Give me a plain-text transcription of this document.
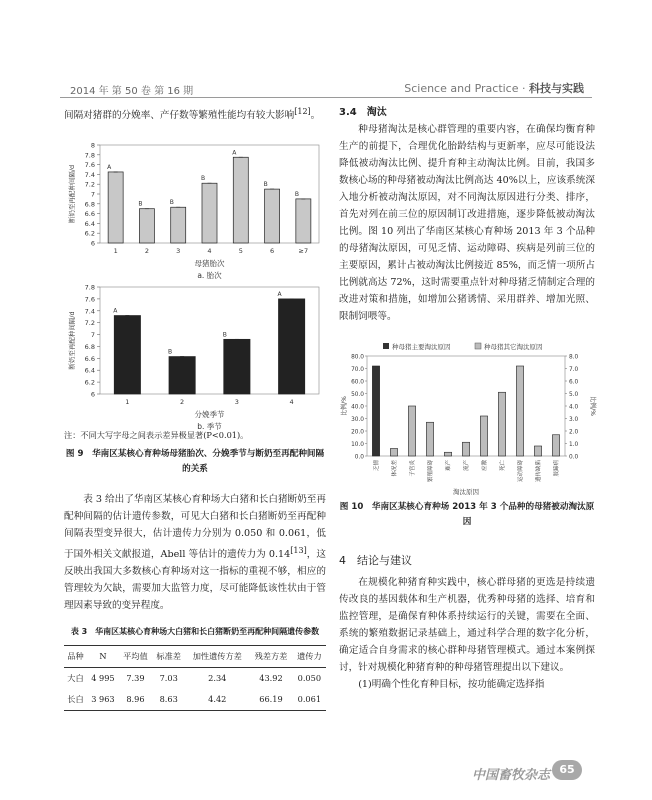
2014 年 第 50 卷 第 16 期	Science and Practice · 科技与实践

间隔对猪群的分娩率、产仔数等繁殖性能均有较大影响[12]。

6
6.2
6.4
6.6
6.8
7
7.2
7.4
7.6
7.8
8
A
1
B
2
B
3
B
4
A
5
B
6
B
≥7
母猪胎次
a. 胎次
断奶至再配种间隔/d
6
6.2
6.4
6.6
6.8
7
7.2
7.4
7.6
7.8
A
1
B
2
B
3
A
4
分娩季节
b. 季节
断奶至再配种间隔/d
注：不同大写字母之间表示差异极显著(P<0.01)。
图 9　 华南区某核心育种场母猪胎次、分娩季节与断奶至再配种间隔的关系

表 3 给出了华南区某核心育种场大白猪和长白猪断奶至再配种间隔的估计遗传参数，可见大白猪和长白猪断奶至再配种间隔表型变异很大，估计遗传力分别为 0.050 和 0.061，低于国外相关文献报道，Abell 等估计的遗传力为 0.14[13]，这反映出我国大多数核心育种场对这一指标的重视不够，相应的管理较为欠缺，需要加大监管力度，尽可能降低该性状由于管理因素导致的变异程度。

表 3　华南区某核心育种场大白猪和长白猪断奶至再配种间隔遗传参数
品种	N	平均值	标准差	加性遗传方差	残差方差	遗传力
大白	4 995	7.39	7.03	2.34	43.92	0.050
长白	3 963	8.96	8.63	4.42	66.19	0.061
3.4　淘汰

种母猪淘汰是核心群管理的重要内容，在确保均衡育种生产的前提下，合理优化胎龄结构与更新率，应尽可能设法降低被动淘汰比例、提升育种主动淘汰比例。目前，我国多数核心场的种母猪被动淘汰比例高达 40%以上，应该系统深入地分析被动淘汰原因，对不同淘汰原因进行分类、排序，首先对列在前三位的原因制订改进措施，逐步降低被动淘汰比例。图 10 列出了华南区某核心育种场 2013 年 3 个品种的母猪淘汰原因，可见乏情、运动障碍、疾病是列前三位的主要原因，累计占被动淘汰比例接近 85%，而乏情一项所占比例就高达 72%，这时需要重点针对种母猪乏情制定合理的改进对策和措施，如增加公猪诱情、采用群养、增加光照、限制饲喂等。

种母猪主要淘汰原因	种母猪其它淘汰原因
0.0
10.0
20.0
30.0
40.0
50.0
60.0
70.0
80.0
0.0
1.0
2.0
3.0
4.0
5.0
6.0
7.0
8.0
乏情	体况差	子宫炎	繁殖障碍	难产	流产	应激	死亡	运动障碍	遗传缺陷	肢蹄病
淘汰原因
比例/%	比例/%
图 10　 华南区某核心育种场 2013 年 3 个品种的母猪被动淘汰原因
4　结论与建议

在规模化种猪育种实践中，核心群母猪的更选是持续遗传改良的基因载体和生产机器，优秀种母猪的选择、培育和监控管理，是确保育种体系持续运行的关键，需要在全面、系统的繁殖数据记录基础上，通过科学合理的数字化分析，确定适合自身需求的核心群种母猪管理模式。通过本案例探讨，针对规模化种猪育种的种母猪管理提出以下建议。

(1)明确个性化育种目标，按功能确定选择指

中国畜牧杂志 65
